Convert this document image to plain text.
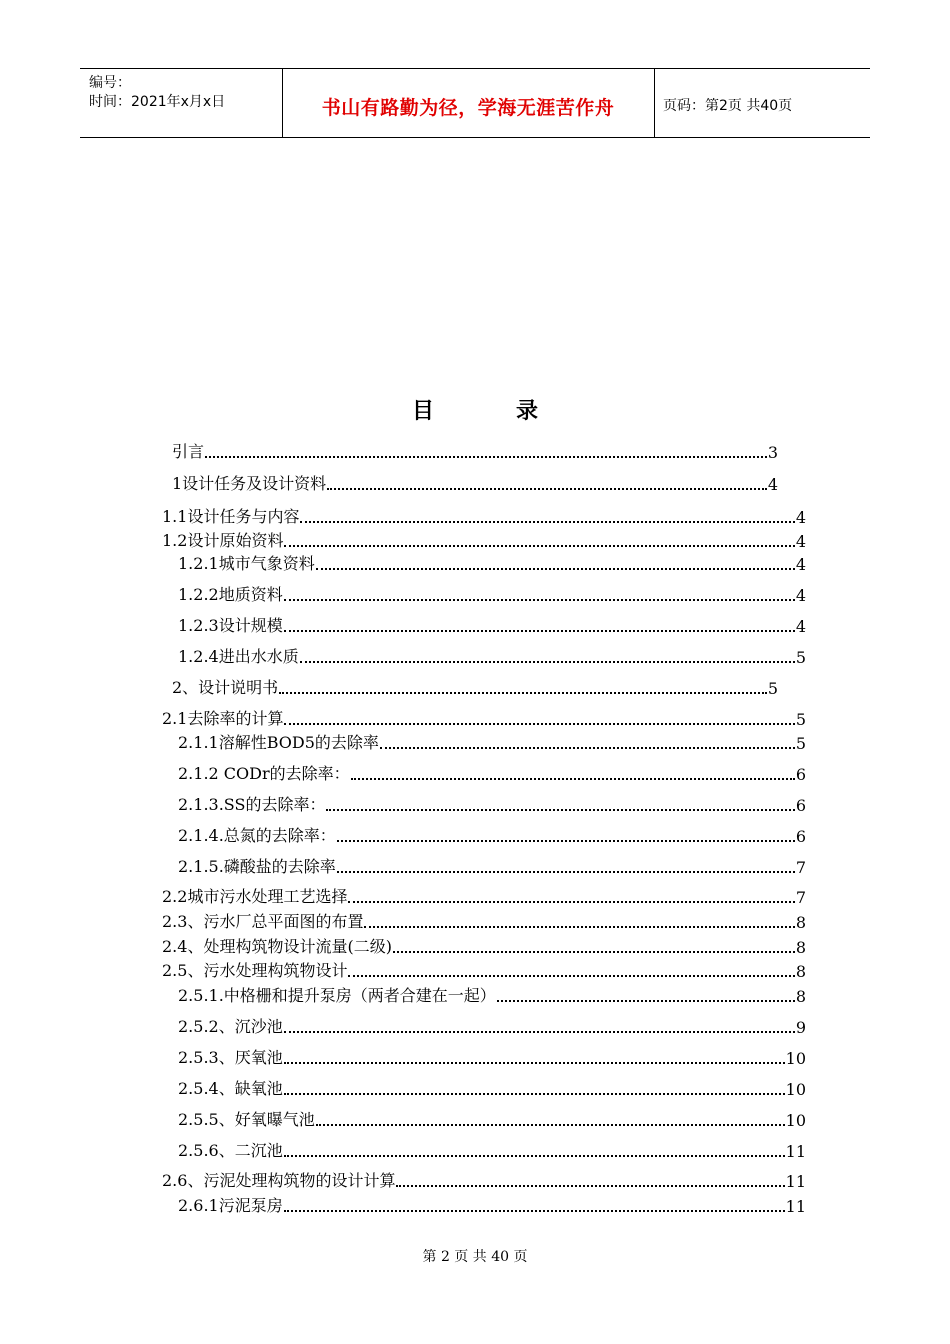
编号：
时间：2021年x月x日	书山有路勤为径，学海无涯苦作舟	页码：第2页 共40页
目录
引言	3
1设计任务及设计资料	4
1.1设计任务与内容	4
1.2设计原始资料	4
1.2.1城市气象资料	4
1.2.2地质资料	4
1.2.3设计规模	4
1.2.4进出水水质	5
2、设计说明书	5
2.1去除率的计算	5
2.1.1溶解性BOD5的去除率	5
2.1.2 CODr的去除率：	6
2.1.3.SS的去除率：	6
2.1.4.总氮的去除率：	6
2.1.5.磷酸盐的去除率	7
2.2城市污水处理工艺选择	7
2.3、污水厂总平面图的布置	8
2.4、处理构筑物设计流量(二级)	8
2.5、污水处理构筑物设计	8
2.5.1.中格栅和提升泵房（两者合建在一起）	8
2.5.2、沉沙池	9
2.5.3、厌氧池	10
2.5.4、缺氧池	10
2.5.5、好氧曝气池	10
2.5.6、二沉池	11
2.6、污泥处理构筑物的设计计算	11
2.6.1污泥泵房	11
第 2 页 共 40 页
